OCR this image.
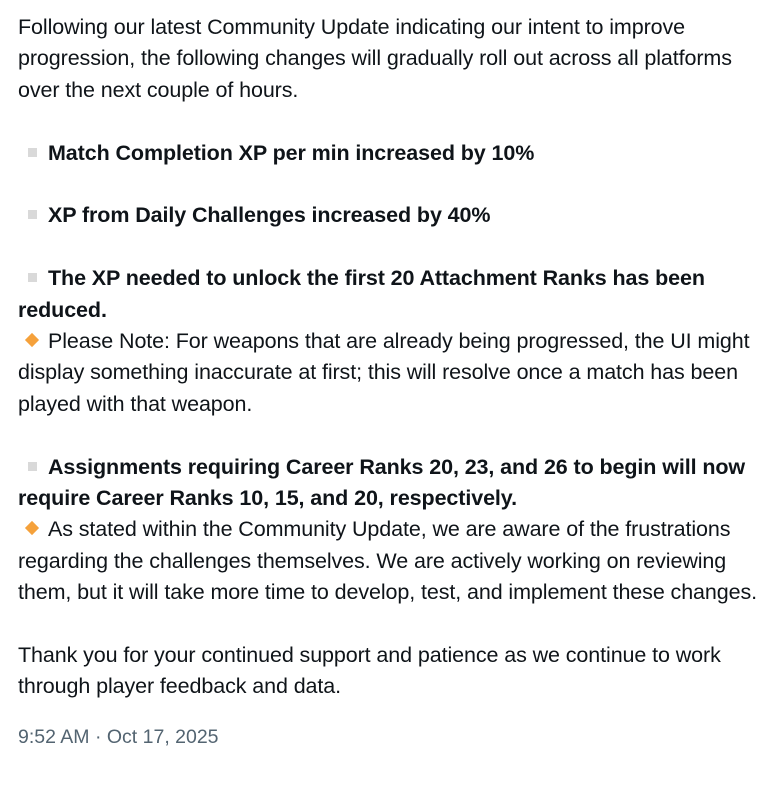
Following our latest Community Update indicating our intent to improve progression, the following changes will gradually roll out across all platforms over the next couple of hours.

Match Completion XP per min increased by 10%

XP from Daily Challenges increased by 40%

The XP needed to unlock the first 20 Attachment Ranks has been reduced.

Please Note: For weapons that are already being progressed, the UI might display something inaccurate at first; this will resolve once a match has been played with that weapon.

Assignments requiring Career Ranks 20, 23, and 26 to begin will now require Career Ranks 10, 15, and 20, respectively.

As stated within the Community Update, we are aware of the frustrations regarding the challenges themselves. We are actively working on reviewing them, but it will take more time to develop, test, and implement these changes.

Thank you for your continued support and patience as we continue to work through player feedback and data.

9:52 AM · Oct 17, 2025
